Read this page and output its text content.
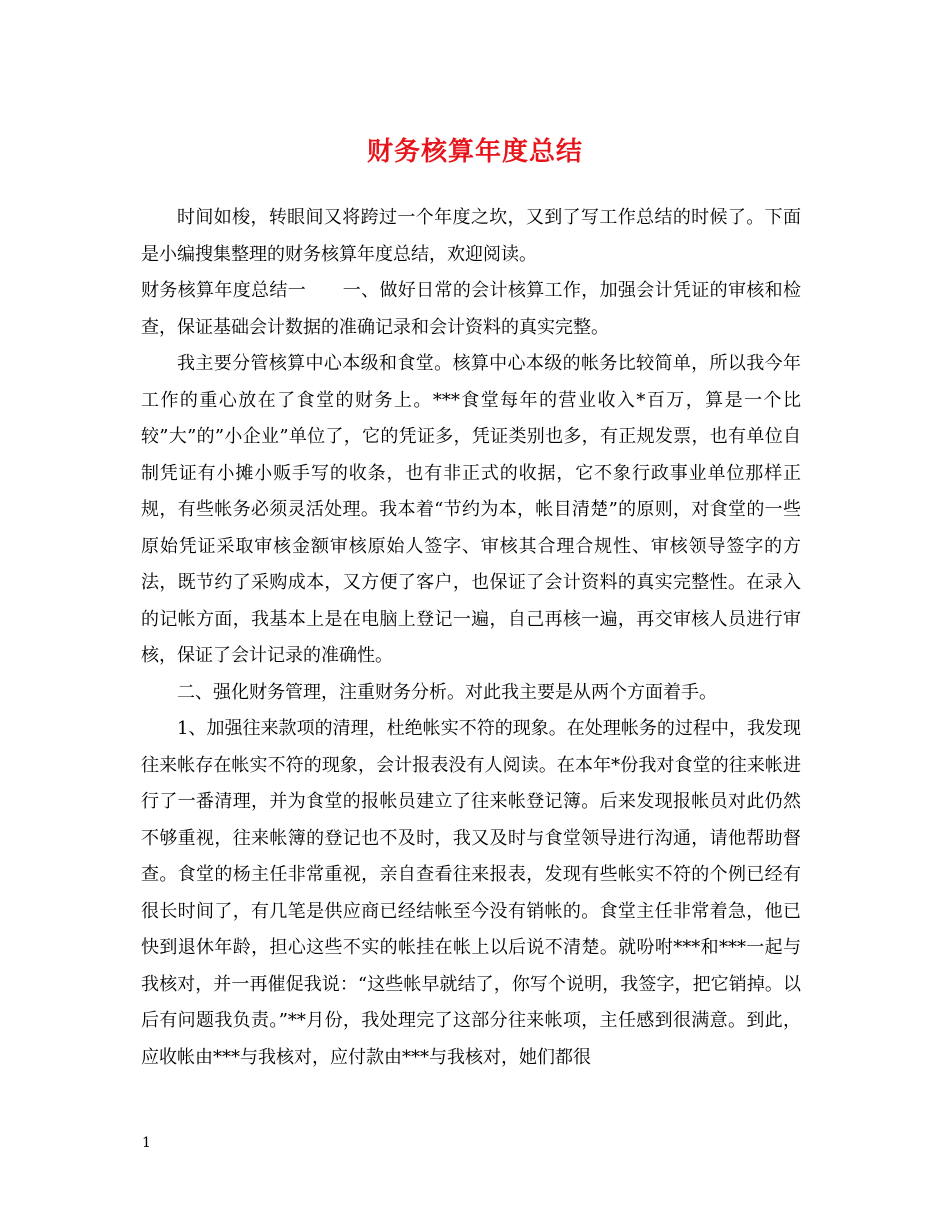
财务核算年度总结

时间如梭，转眼间又将跨过一个年度之坎，又到了写工作总结的时候了。下面是小编搜集整理的财务核算年度总结，欢迎阅读。

财务核算年度总结一　　一、做好日常的会计核算工作，加强会计凭证的审核和检查，保证基础会计数据的准确记录和会计资料的真实完整。

我主要分管核算中心本级和食堂。核算中心本级的帐务比较简单，所以我今年工作的重心放在了食堂的财务上。***食堂每年的营业收入*百万，算是一个比较”大”的”小企业”单位了，它的凭证多，凭证类别也多，有正规发票，也有单位自制凭证有小摊小贩手写的收条，也有非正式的收据，它不象行政事业单位那样正规，有些帐务必须灵活处理。我本着“节约为本，帐目清楚”的原则，对食堂的一些原始凭证采取审核金额审核原始人签字、审核其合理合规性、审核领导签字的方法，既节约了采购成本，又方便了客户，也保证了会计资料的真实完整性。在录入的记帐方面，我基本上是在电脑上登记一遍，自己再核一遍，再交审核人员进行审核，保证了会计记录的准确性。

二、强化财务管理，注重财务分析。对此我主要是从两个方面着手。

1、加强往来款项的清理，杜绝帐实不符的现象。在处理帐务的过程中，我发现往来帐存在帐实不符的现象，会计报表没有人阅读。在本年*份我对食堂的往来帐进行了一番清理，并为食堂的报帐员建立了往来帐登记簿。后来发现报帐员对此仍然不够重视，往来帐簿的登记也不及时，我又及时与食堂领导进行沟通，请他帮助督查。食堂的杨主任非常重视，亲自查看往来报表，发现有些帐实不符的个例已经有很长时间了，有几笔是供应商已经结帐至今没有销帐的。食堂主任非常着急，他已快到退休年龄，担心这些不实的帐挂在帐上以后说不清楚。就吩咐***和***一起与我核对，并一再催促我说：“这些帐早就结了，你写个说明，我签字，把它销掉。以后有问题我负责。”**月份，我处理完了这部分往来帐项，主任感到很满意。到此，应收帐由***与我核对，应付款由***与我核对，她们都很

1
